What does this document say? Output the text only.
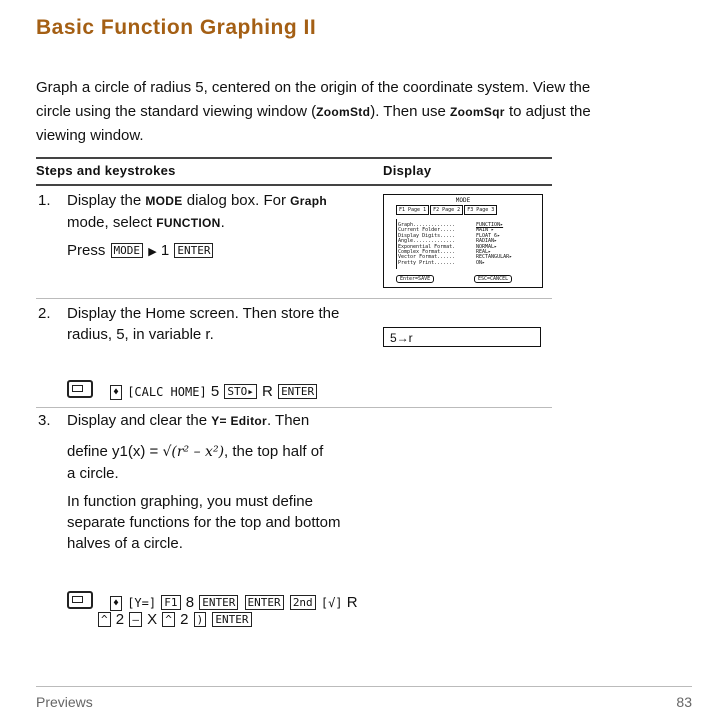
Basic Function Graphing II
Graph a circle of radius 5, centered on the origin of the coordinate system. View the
circle using the standard viewing window (ZoomStd). Then use ZoomSqr to adjust the
viewing window.
Steps and keystrokes	Display
1. Display the MODE dialog box. For Graph
mode, select FUNCTION.
Press MODE ▶ 1 ENTER
MODE
F1 Page 1	F2 Page 2	F3 Page 3
Graph..............	FUNCTION▸
Current Folder.....	MAIN ▸
Display Digits.....	FLOAT 6▸
Angle..............	RADIAN▸
Exponential Format.	NORMAL▸
Complex Format.....	REAL▸
Vector Format......	RECTANGULAR▸
Pretty Print.......	ON▸
Enter=SAVE	ESC=CANCEL
2. Display the Home screen. Then store the
radius, 5, in variable r.	5→r
♦ [CALC HOME] 5 STO▸ R ENTER
3. Display and clear the Y= Editor. Then
define y1(x) = √(r² – x²), the top half of
a circle.
In function graphing, you must define
separate functions for the top and bottom
halves of a circle.
♦ [Y=] F1 8 ENTER ENTER 2nd [√] R
^ 2 – X ^ 2 ) ENTER
Previews	83
